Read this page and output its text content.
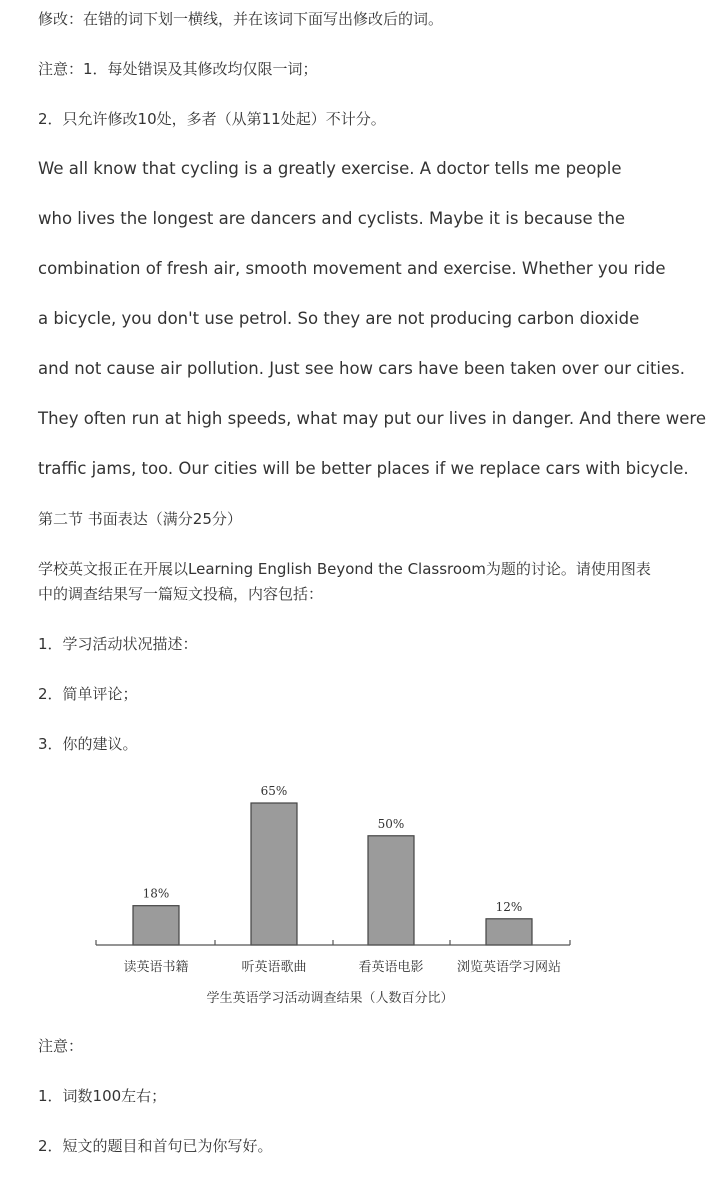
修改：在错的词下划一横线，并在该词下面写出修改后的词。
注意：1．每处错误及其修改均仅限一词；
2．只允许修改10处，多者（从第11处起）不计分。
We all know that cycling is a greatly exercise. A doctor tells me people
who lives the longest are dancers and cyclists. Maybe it is because the
combination of fresh air, smooth movement and exercise. Whether you ride
a bicycle, you don't use petrol. So they are not producing carbon dioxide
and not cause air pollution. Just see how cars have been taken over our cities.
They often run at high speeds, what may put our lives in danger. And there were
traffic jams, too. Our cities will be better places if we replace cars with bicycle.
第二节 书面表达（满分25分）
学校英文报正在开展以Learning English Beyond the Classroom为题的讨论。请使用图表中的调查结果写一篇短文投稿，内容包括：
1．学习活动状况描述：
2．简单评论；
3．你的建议。
18%
读英语书籍
65%
听英语歌曲
50%
看英语电影
12%
浏览英语学习网站
学生英语学习活动调查结果（人数百分比）
注意：
1．词数100左右；
2．短文的题目和首句已为你写好。
